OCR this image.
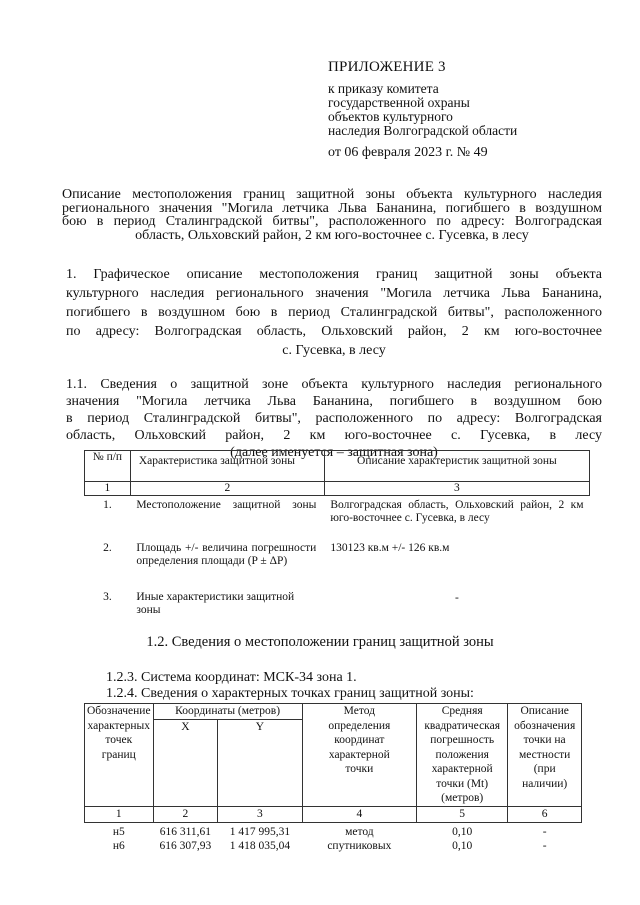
ПРИЛОЖЕНИЕ 3
к приказу комитета
государственной охраны
объектов культурного
наследия Волгоградской области
от 06 февраля 2023 г. № 49
Описание местоположения границ защитной зоны объекта культурного наследия
регионального значения "Могила летчика Льва Бананина, погибшего в воздушном
бою в период Сталинградской битвы", расположенного по адресу: Волгоградская
область, Ольховский район, 2 км юго-восточнее с. Гусевка, в лесу
1. Графическое описание местоположения границ защитной зоны объекта
культурного наследия регионального значения "Могила летчика Льва Бананина,
погибшего в воздушном бою в период Сталинградской битвы", расположенного
по адресу: Волгоградская область, Ольховский район, 2 км юго-восточнее
с. Гусевка, в лесу
1.1. Сведения о защитной зоне объекта культурного наследия регионального
значения "Могила летчика Льва Бананина, погибшего в воздушном бою
в период Сталинградской битвы", расположенного по адресу: Волгоградская
область, Ольховский район, 2 км юго-восточнее с. Гусевка, в лесу
(далее именуется – защитная зона)
№ п/п	Характеристика защитной зоны	Описание характеристик защитной зоны
1	2	3
1.	Местоположение защитной зоны	Волгоградская область, Ольховский район, 2 км юго-восточнее с. Гусевка, в лесу

2.	Площадь +/- величина погрешности определения площади (P ± ΔP)	130123 кв.м +/- 126 кв.м
3.	Иные характеристики защитной зоны	-
1.2. Сведения о местоположении границ защитной зоны
1.2.3. Система координат: МСК-34 зона 1.
1.2.4. Сведения о характерных точках границ защитной зоны:
Обозначение характерных точек границ	Координаты (метров)		Метод определения координат характерной точки	Средняя квадратическая погрешность положения характерной точки (Mt) (метров)	Описание обозначения точки на местности (при наличии)
	X	Y			
1	2	3	4	5	6
н5	616 311,61	1 417 995,31	метод	0,10	-
н6	616 307,93	1 418 035,04	спутниковых	0,10	-
